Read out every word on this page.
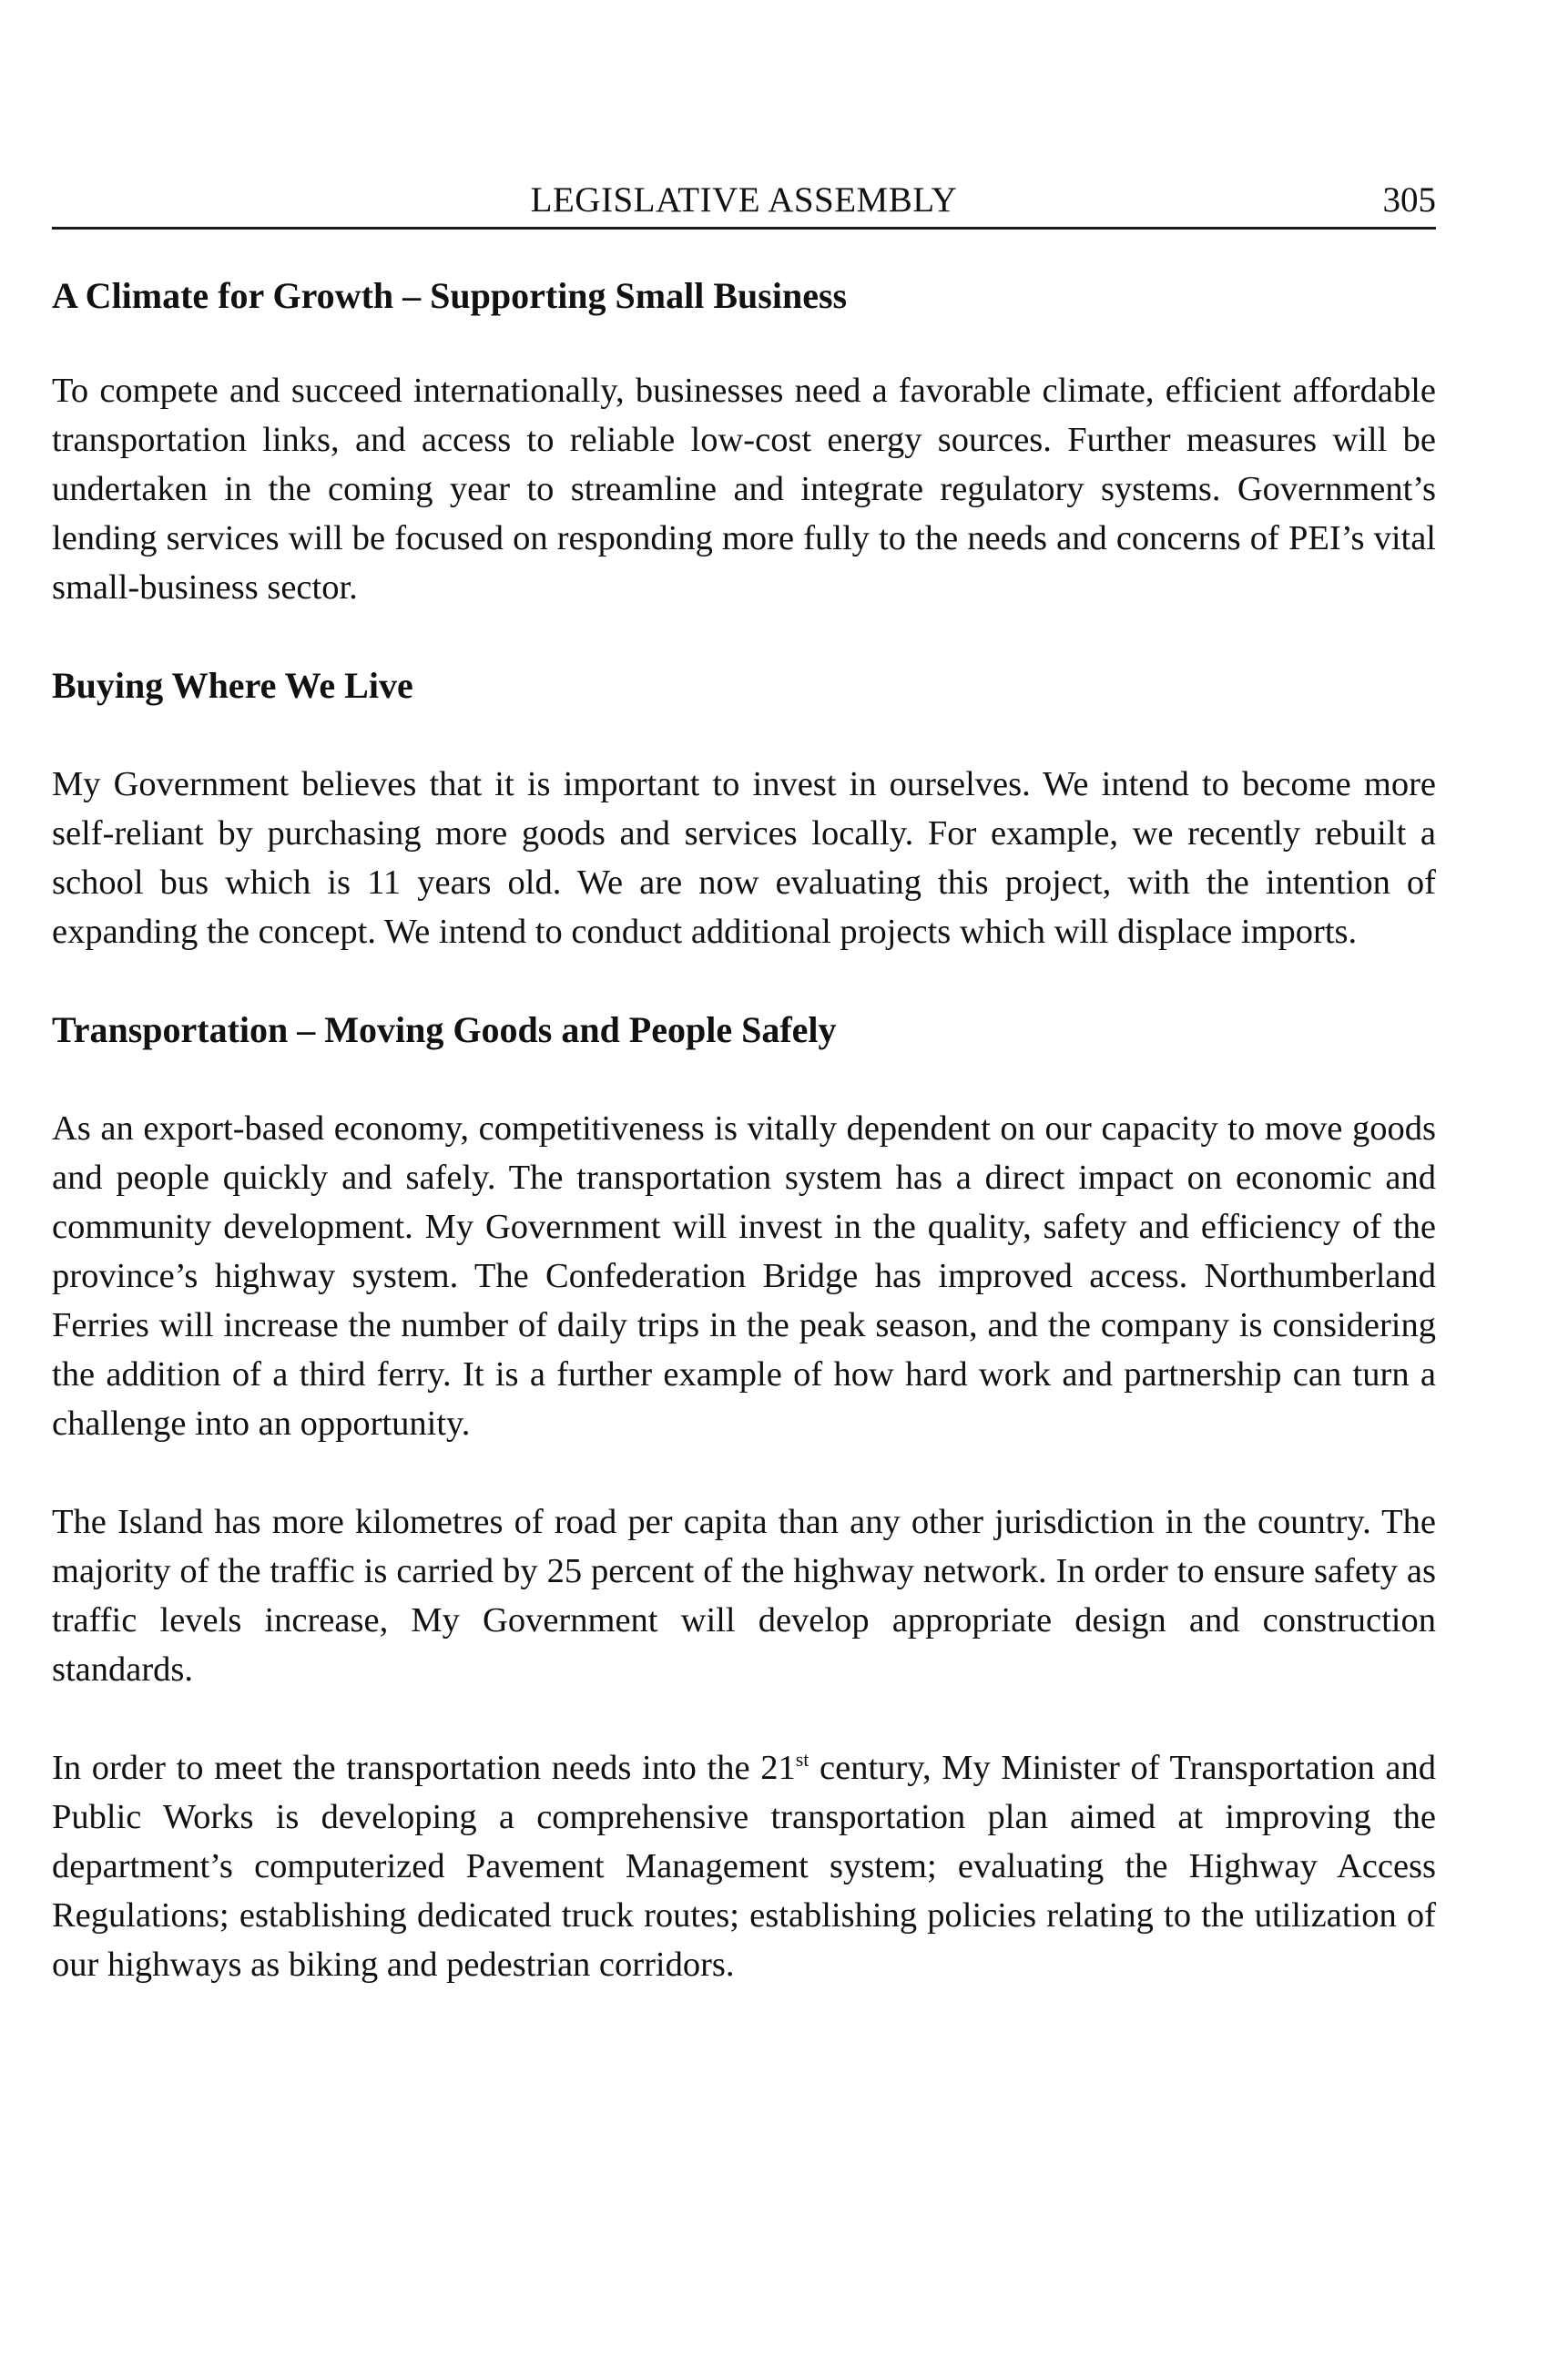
LEGISLATIVE ASSEMBLY	305
A Climate for Growth – Supporting Small Business

To compete and succeed internationally, businesses need a favorable climate, efficient affordable transportation links, and access to reliable low-cost energy sources. Further measures will be undertaken in the coming year to streamline and integrate regulatory systems. Government’s lending services will be focused on responding more fully to the needs and concerns of PEI’s vital small-business sector.

Buying Where We Live

My Government believes that it is important to invest in ourselves. We intend to become more self-reliant by purchasing more goods and services locally. For example, we recently rebuilt a school bus which is 11 years old. We are now evaluating this project, with the intention of expanding the concept. We intend to conduct additional projects which will displace imports.

Transportation – Moving Goods and People Safely

As an export-based economy, competitiveness is vitally dependent on our capacity to move goods and people quickly and safely. The transportation system has a direct impact on economic and community development. My Government will invest in the quality, safety and efficiency of the province’s highway system. The Confederation Bridge has improved access. Northumberland Ferries will increase the number of daily trips in the peak season, and the company is considering the addition of a third ferry. It is a further example of how hard work and partnership can turn a challenge into an opportunity.

The Island has more kilometres of road per capita than any other jurisdiction in the country. The majority of the traffic is carried by 25 percent of the highway network. In order to ensure safety as traffic levels increase, My Government will develop appropriate design and construction standards.

In order to meet the transportation needs into the 21st century, My Minister of Transportation and Public Works is developing a comprehensive transportation plan aimed at improving the department’s computerized Pavement Management system; evaluating the Highway Access Regulations; establishing dedicated truck routes; establishing policies relating to the utilization of our highways as biking and pedestrian corridors.
